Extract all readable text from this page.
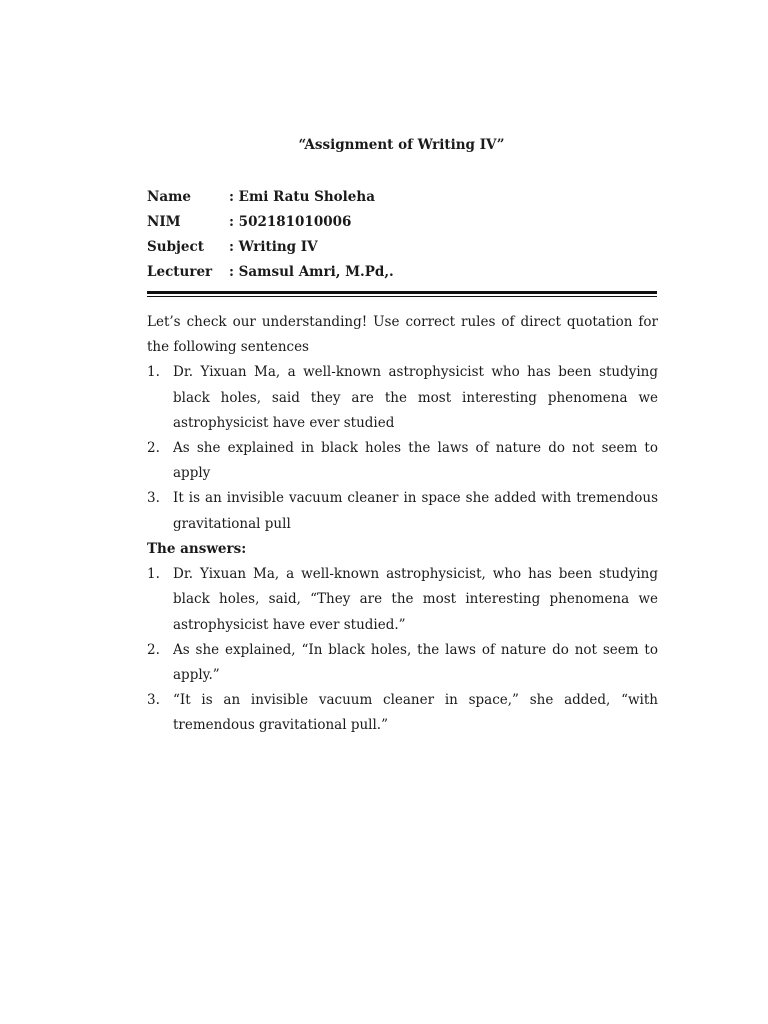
“Assignment of Writing IV”
Name	: Emi Ratu Sholeha
NIM	: 502181010006
Subject	: Writing IV
Lecturer	: Samsul Amri, M.Pd,.

Let’s check our understanding! Use correct rules of direct quotation for the following sentences

1. Dr. Yixuan Ma, a well-known astrophysicist who has been studying black holes, said they are the most interesting phenomena we astrophysicist have ever studied
2. As she explained in black holes the laws of nature do not seem to apply
3. It is an invisible vacuum cleaner in space she added with tremendous gravitational pull

The answers:

1. Dr. Yixuan Ma, a well-known astrophysicist, who has been studying black holes, said, “They are the most interesting phenomena we astrophysicist have ever studied.”
2. As she explained, “In black holes, the laws of nature do not seem to apply.”
3. “It is an invisible vacuum cleaner in space,” she added, “with tremendous gravitational pull.”
